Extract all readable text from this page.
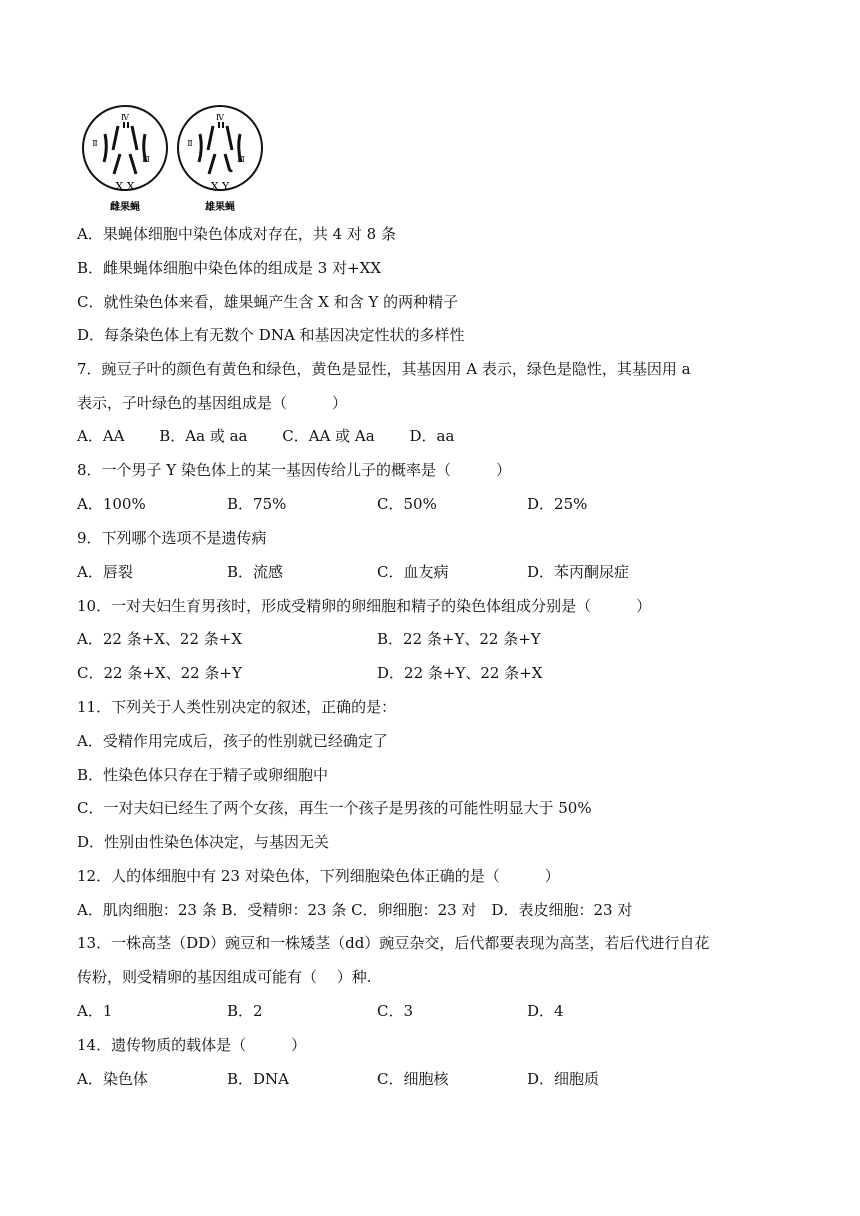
Ⅳ
Ⅱ
Ⅲ
X X
Ⅳ
Ⅱ
Ⅲ
X Y
雌果蝇	雄果蝇
A．果蝇体细胞中染色体成对存在，共 4 对 8 条
B．雌果蝇体细胞中染色体的组成是 3 对+XX
C．就性染色体来看，雄果蝇产生含 X 和含 Y 的两种精子
D．每条染色体上有无数个 DNA 和基因决定性状的多样性
7．豌豆子叶的颜色有黄色和绿色，黄色是显性，其基因用 A 表示，绿色是隐性，其基因用 a
表示，子叶绿色的基因组成是（　　　）
A．AA　　 B．Aa 或 aa　　 C．AA 或 Aa　　 D．aa
8．一个男子 Y 染色体上的某一基因传给儿子的概率是（　　　）
A．100%	B．75%	C．50%	D．25%
9．下列哪个选项不是遗传病
A．唇裂	B．流感	C．血友病	D．苯丙酮尿症
10．一对夫妇生育男孩时，形成受精卵的卵细胞和精子的染色体组成分别是（　　　）
A．22 条+X、22 条+X	B．22 条+Y、22 条+Y
C．22 条+X、22 条+Y	D．22 条+Y、22 条+X
11．下列关于人类性别决定的叙述，正确的是：
A．受精作用完成后，孩子的性别就已经确定了
B．性染色体只存在于精子或卵细胞中
C．一对夫妇已经生了两个女孩，再生一个孩子是男孩的可能性明显大于 50%
D．性别由性染色体决定，与基因无关
12．人的体细胞中有 23 对染色体，下列细胞染色体正确的是（　　　）
A．肌肉细胞：23 条 B．受精卵：23 条 C．卵细胞：23 对　D．表皮细胞：23 对
13．一株高茎（DD）豌豆和一株矮茎（dd）豌豆杂交，后代都要表现为高茎，若后代进行自花
传粉，则受精卵的基因组成可能有（　 ）种.
A．1	B．2	C．3	D．4
14．遗传物质的载体是（　　　）
A．染色体	B．DNA	C．细胞核	D．细胞质
